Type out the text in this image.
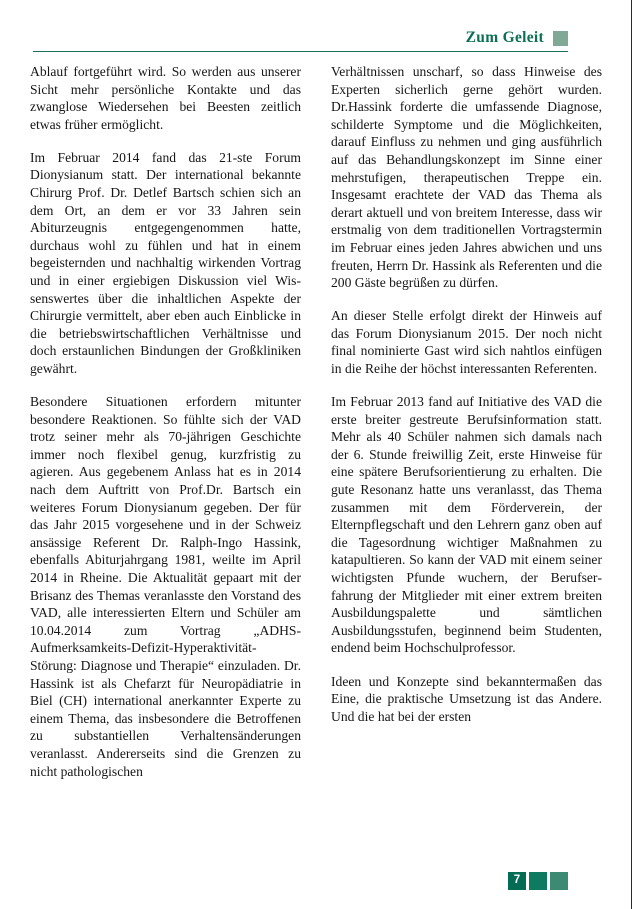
Zum Geleit

Ablauf fortgeführt wird. So werden aus unserer Sicht mehr persönliche Kontakte und das zwanglose Wiedersehen bei Beesten zeitlich etwas früher ermöglicht.

Im Februar 2014 fand das 21-ste Forum Dionysianum statt. Der international bekannte Chirurg Prof. Dr. Detlef Bartsch schien sich an dem Ort, an dem er vor 33 Jahren sein Abiturzeugnis entgegengenommen hatte, durchaus wohl zu fühlen und hat in einem begeisternden und nachhaltig wirkenden Vortrag und in einer ergiebigen Diskussion viel Wissenswertes über die inhaltlichen Aspekte der Chirurgie vermittelt, aber eben auch Einblicke in die betriebswirtschaftlichen Verhältnisse und doch erstaunlichen Bindungen der Großkliniken gewährt.

Besondere Situationen erfordern mitunter besondere Reaktionen. So fühlte sich der VAD trotz seiner mehr als 70-jährigen Geschichte immer noch flexibel genug, kurzfristig zu agieren. Aus gegebenem Anlass hat es in 2014 nach dem Auftritt von Prof.Dr. Bartsch ein weiteres Forum Dionysianum gegeben. Der für das Jahr 2015 vorgesehene und in der Schweiz ansässige Referent Dr. Ralph-Ingo Hassink, ebenfalls Abiturjahrgang 1981, weilte im April 2014 in Rheine. Die Aktualität gepaart mit der Brisanz des Themas veranlasste den Vorstand des VAD, alle interessierten Eltern und Schüler am 10.04.2014 zum Vortrag „ADHS-Aufmerksamkeits-Defizit-Hyperaktivität-Störung: Diagnose und Therapie“ einzuladen. Dr. Hassink ist als Chefarzt für Neuropädiatrie in Biel (CH) international anerkannter Experte zu einem Thema, das insbesondere die Betroffenen zu substantiellen Verhaltensänderungen veranlasst. Andererseits sind die Grenzen zu nicht pathologischen

Verhältnissen unscharf, so dass Hinweise des Experten sicherlich gerne gehört wurden. Dr.Hassink forderte die umfassende Diagnose, schilderte Symptome und die Möglichkeiten, darauf Einfluss zu nehmen und ging ausführlich auf das Behandlungskonzept im Sinne einer mehrstufigen, therapeutischen Treppe ein. Insgesamt erachtete der VAD das Thema als derart aktuell und von breitem Interesse, dass wir erstmalig von dem traditionellen Vortragstermin im Februar eines jeden Jahres abwichen und uns freuten, Herrn Dr. Hassink als Referenten und die 200 Gäste begrüßen zu dürfen.

An dieser Stelle erfolgt direkt der Hinweis auf das Forum Dionysianum 2015. Der noch nicht final nominierte Gast wird sich nahtlos einfügen in die Reihe der höchst interessanten Referenten.

Im Februar 2013 fand auf Initiative des VAD die erste breiter gestreute Berufsinformation statt. Mehr als 40 Schüler nahmen sich damals nach der 6. Stunde freiwillig Zeit, erste Hinweise für eine spätere Berufsorientierung zu erhalten. Die gute Resonanz hatte uns veranlasst, das Thema zusammen mit dem Förderverein, der Elternpflegschaft und den Lehrern ganz oben auf die Tagesordnung wichtiger Maßnahmen zu katapultieren. So kann der VAD mit einem seiner wichtigsten Pfunde wuchern, der Berufserfahrung der Mitglieder mit einer extrem breiten Ausbildungspalette und sämtlichen Ausbildungsstufen, beginnend beim Studenten, endend beim Hochschulprofessor.

Ideen und Konzepte sind bekanntermaßen das Eine, die praktische Umsetzung ist das Andere. Und die hat bei der ersten

7
